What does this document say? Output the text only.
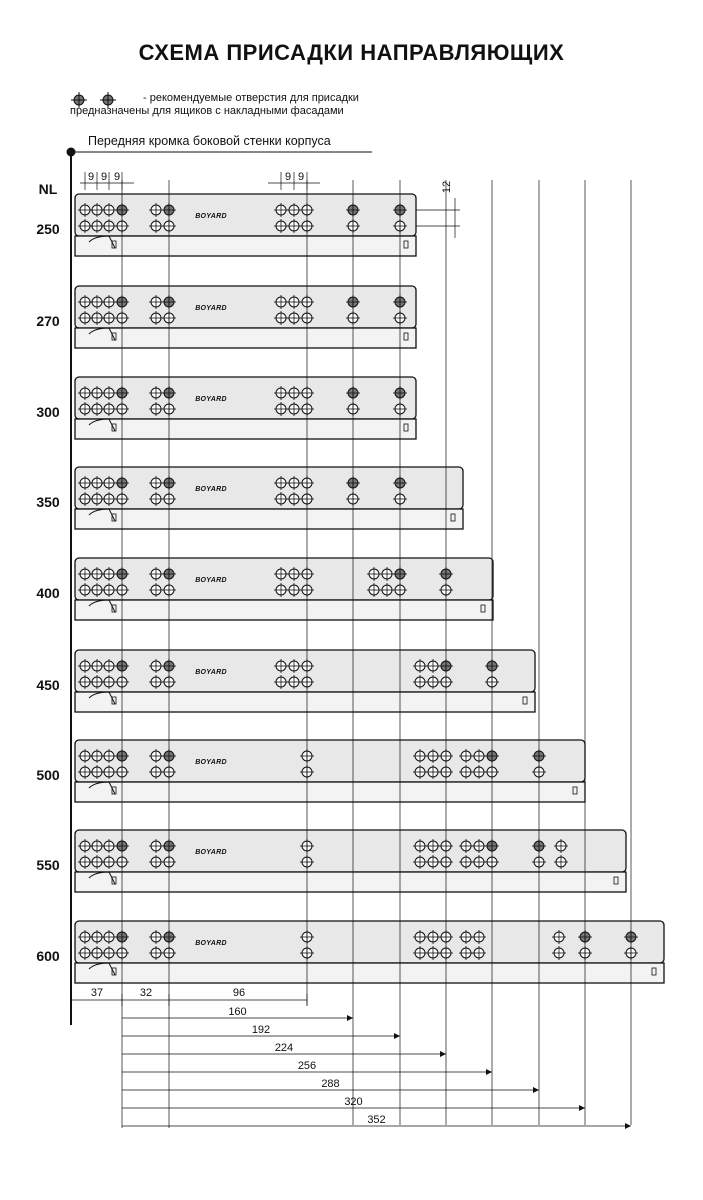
СХЕМА ПРИСАДКИ НАПРАВЛЯЮЩИХ
- рекомендуемые отверстия для присадки
предназначены для ящиков с накладными фасадами
Передняя кромка боковой стенки корпуса
250
BOYARD
270
BOYARD
300
BOYARD
350
BOYARD
400
BOYARD
450
BOYARD
500
BOYARD
550
BOYARD
600
BOYARD
NL
9 9 9	9 9
12
37	32	96
160
192
224
256
288
320
352
